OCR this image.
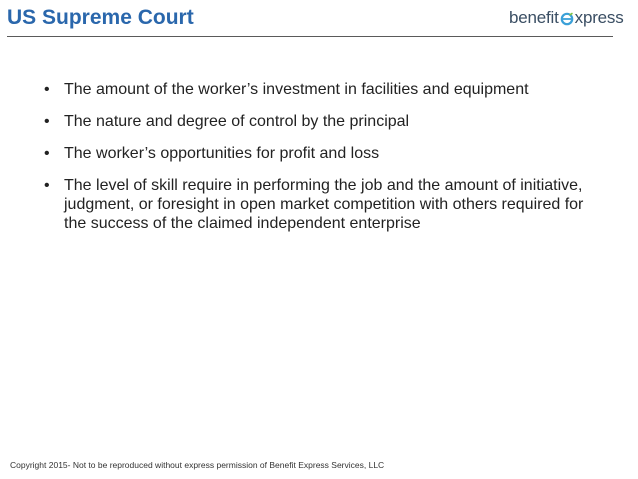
US Supreme Court	benefit xpress
• The amount of the worker’s investment in facilities and equipment
• The nature and degree of control by the principal
• The worker’s opportunities for profit and loss
• The level of skill require in performing the job and the amount of initiative, judgment, or foresight in open market competition with others required for the success of the claimed independent enterprise
Copyright 2015- Not to be reproduced without express permission of Benefit Express Services, LLC
